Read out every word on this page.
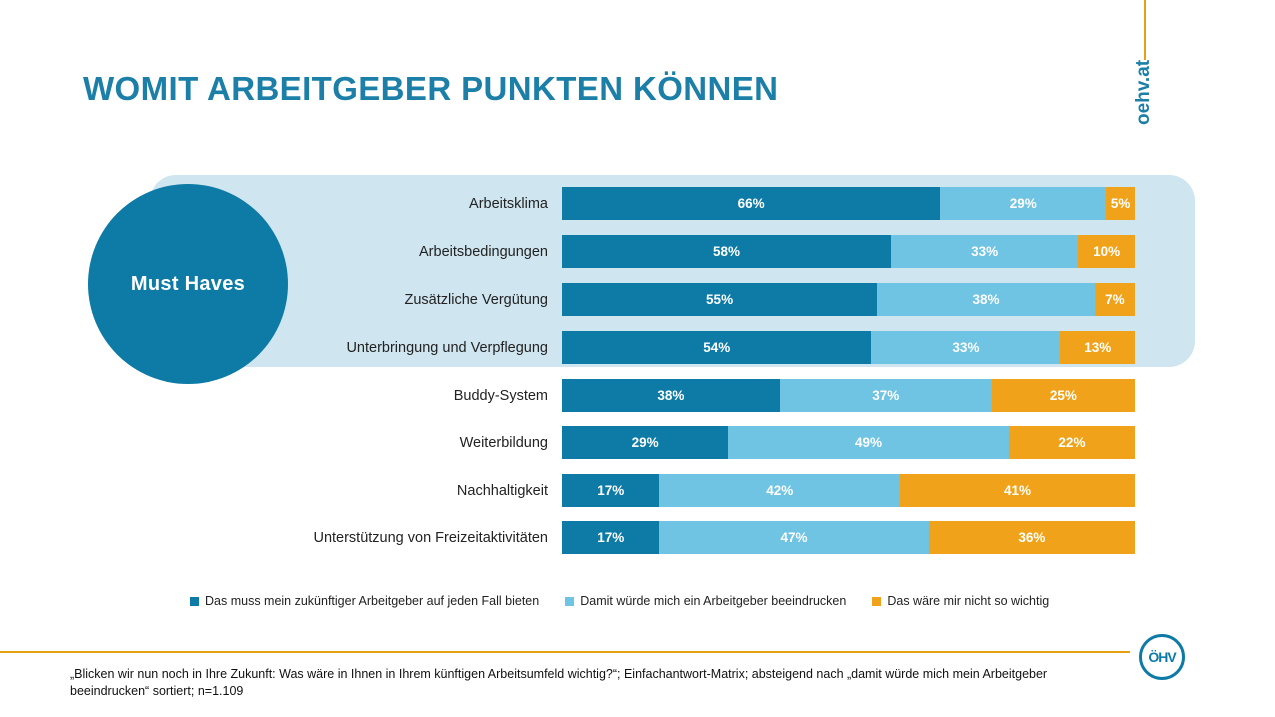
WOMIT ARBEITGEBER PUNKTEN KÖNNEN	oehv.at
Must Haves
Arbeitsklima	66%	29%	5%
Arbeitsbedingungen	58%	33%	10%
Zusätzliche Vergütung	55%	38%	7%
Unterbringung und Verpflegung	54%	33%	13%
Buddy-System	38%	37%	25%
Weiterbildung	29%	49%	22%
Nachhaltigkeit	17%	42%	41%
Unterstützung von Freizeitaktivitäten	17%	47%	36%
Das muss mein zukünftiger Arbeitgeber auf jeden Fall bieten	Damit würde mich ein Arbeitgeber beeindrucken	Das wäre mir nicht so wichtig
„Blicken wir nun noch in Ihre Zukunft: Was wäre in Ihnen in Ihrem künftigen Arbeitsumfeld wichtig?“; Einfachantwort-Matrix; absteigend nach „damit würde mich mein Arbeitgeber beeindrucken“ sortiert; n=1.109
ÖHV
